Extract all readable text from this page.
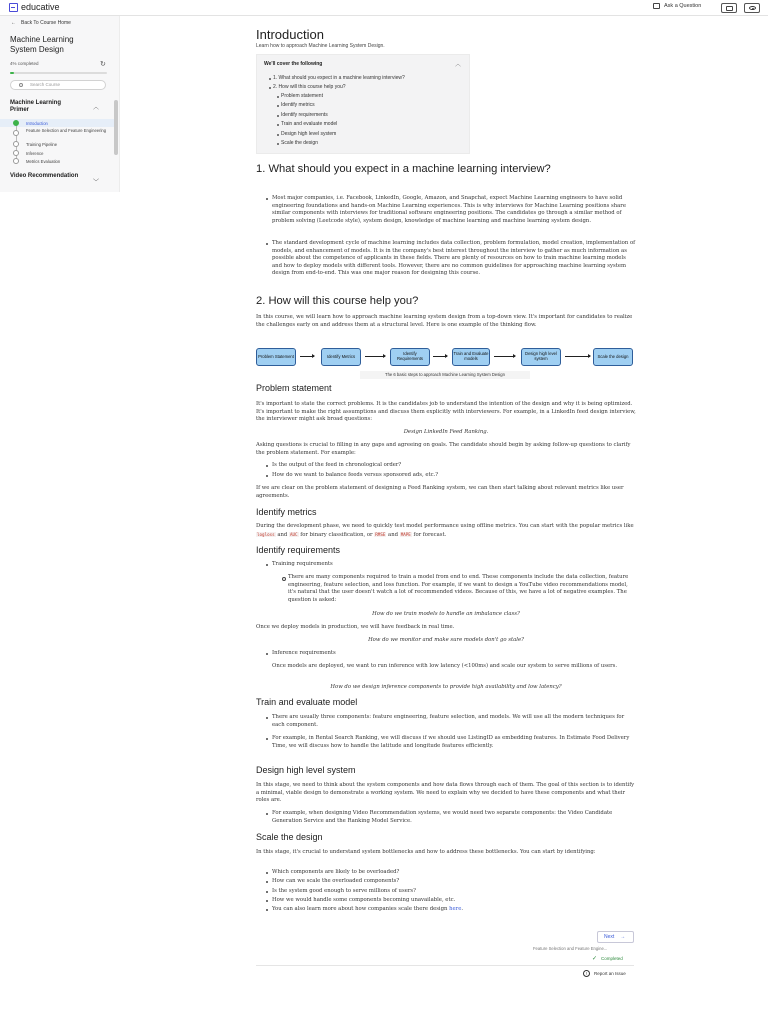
educative	Ask a Question
← Back To Course Home
Machine Learning System Design
4% completed	↻
Search Course
Machine Learning Primer	︿
Introduction
Feature Selection and Feature Engineering
Training Pipeline
Inference
Metrics Evaluation
Video Recommendation
﹀
Introduction
Learn how to approach Machine Learning System Design.
We'll cover the following	︿
1. What should you expect in a machine learning interview?
2. How will this course help you?
Problem statement
Identify metrics
Identify requirements
Train and evaluate model
Design high level system
Scale the design
1. What should you expect in a machine learning interview?
Most major companies, i.e. Facebook, LinkedIn, Google, Amazon, and Snapchat, expect Machine Learning engineers to have solid engineering foundations and hands-on Machine Learning experiences. This is why interviews for Machine Learning positions share similar components with interviews for traditional software engineering positions. The candidates go through a similar method of problem solving (Leetcode style), system design, knowledge of machine learning and machine learning system design.
The standard development cycle of machine learning includes data collection, problem formulation, model creation, implementation of models, and enhancement of models. It is in the company's best interest throughout the interview to gather as much information as possible about the competence of applicants in these fields. There are plenty of resources on how to train machine learning models and how to deploy models with different tools. However, there are no common guidelines for approaching machine learning system design from end-to-end. This was one major reason for designing this course.
2. How will this course help you?

In this course, we will learn how to approach machine learning system design from a top-down view. It's important for candidates to realize the challenges early on and address them at a structural level. Here is one example of the thinking flow.

Problem Statement	Identify Metrics	Identify Requirements
Train and Evaluate models
Design high level system	Scale the design
The 6 basic steps to approach Machine Learning System Design
Problem statement

It's important to state the correct problems. It is the candidates job to understand the intention of the design and why it is being optimized. It's important to make the right assumptions and discuss them explicitly with interviewers. For example, in a LinkedIn feed design interview, the interviewer might ask broad questions:

Design LinkedIn Feed Ranking.

Asking questions is crucial to filling in any gaps and agreeing on goals. The candidate should begin by asking follow-up questions to clarify the problem statement. For example:

Is the output of the feed in chronological order?
How do we want to balance feeds versus sponsored ads, etc.?

If we are clear on the problem statement of designing a Feed Ranking system, we can then start talking about relevant metrics like user agreements.

Identify metrics

During the development phase, we need to quickly test model performance using offline metrics. You can start with the popular metrics like logloss and AUC for binary classification, or RMSE and MAPE for forecast.

Identify requirements
Training requirements
There are many components required to train a model from end to end. These components include the data collection, feature engineering, feature selection, and loss function. For example, if we want to design a YouTube video recommendations model, it's natural that the user doesn't watch a lot of recommended videos. Because of this, we have a lot of negative examples. The question is asked:
How do we train models to handle an imbalance class?

Once we deploy models in production, we will have feedback in real time.

How do we monitor and make sure models don't go stale?
Inference requirements

Once models are deployed, we want to run inference with low latency (<100ms) and scale our system to serve millions of users.

How do we design inference components to provide high availability and low latency?
Train and evaluate model
There are usually three components: feature engineering, feature selection, and models. We will use all the modern techniques for each component.
For example, in Rental Search Ranking, we will discuss if we should use ListingID as embedding features. In Estimate Food Delivery Time, we will discuss how to handle the latitude and longitude features efficiently.
Design high level system

In this stage, we need to think about the system components and how data flows through each of them. The goal of this section is to identify a minimal, viable design to demonstrate a working system. We need to explain why we decided to have these components and what their roles are.

For example, when designing Video Recommendation systems, we would need two separate components: the Video Candidate Generation Service and the Ranking Model Service.
Scale the design

In this stage, it's crucial to understand system bottlenecks and how to address these bottlenecks. You can start by identifying:

Which components are likely to be overloaded?
How can we scale the overloaded components?
Is the system good enough to serve millions of users?
How we would handle some components becoming unavailable, etc.
You can also learn more about how companies scale there design here.
Next →
Feature Selection and Feature Engine...
✓ Completed
!	Report an Issue
